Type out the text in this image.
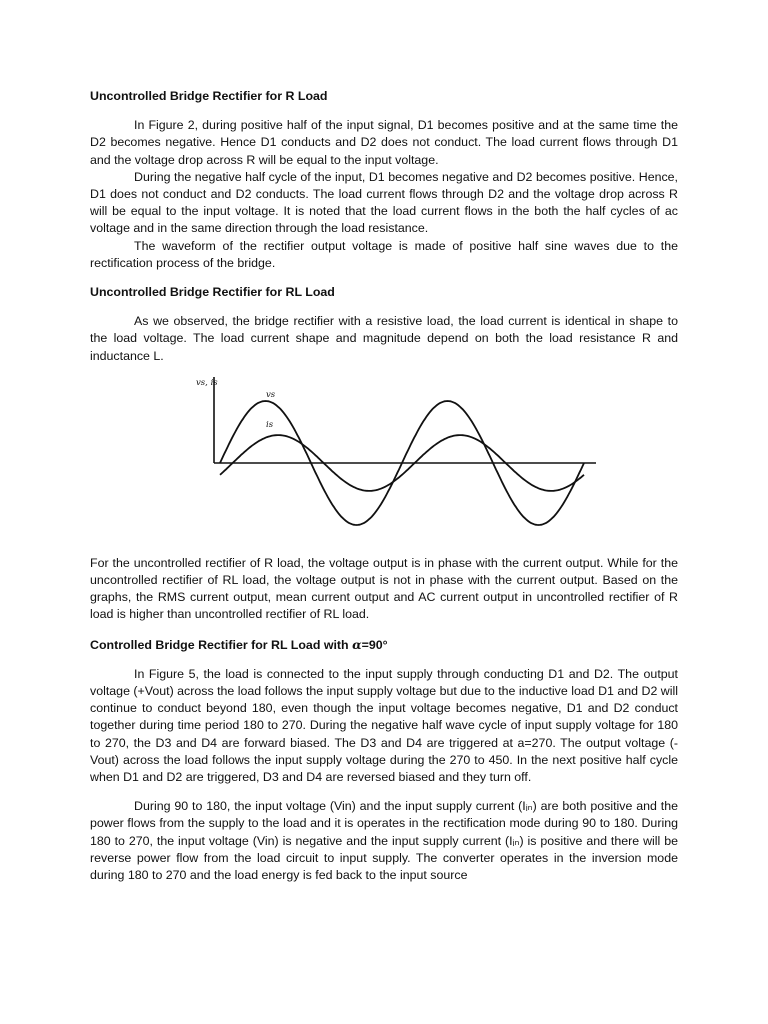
Uncontrolled Bridge Rectifier for R Load

In Figure 2, during positive half of the input signal, D1 becomes positive and at the same time the D2 becomes negative. Hence D1 conducts and D2 does not conduct. The load current flows through D1 and the voltage drop across R will be equal to the input voltage.

During the negative half cycle of the input, D1 becomes negative and D2 becomes positive. Hence, D1 does not conduct and D2 conducts. The load current flows through D2 and the voltage drop across R will be equal to the input voltage. It is noted that the load current flows in the both the half cycles of ac voltage and in the same direction through the load resistance.

The waveform of the rectifier output voltage is made of positive half sine waves due to the rectification process of the bridge.

Uncontrolled Bridge Rectifier for RL Load

As we observed, the bridge rectifier with a resistive load, the load current is identical in shape to the load voltage. The load current shape and magnitude depend on both the load resistance R and inductance L.

vs, is
vs
is

For the uncontrolled rectifier of R load, the voltage output is in phase with the current output. While for the uncontrolled rectifier of RL load, the voltage output is not in phase with the current output. Based on the graphs, the RMS current output, mean current output and AC current output in uncontrolled rectifier of R load is higher than uncontrolled rectifier of RL load.

Controlled Bridge Rectifier for RL Load with α=90°

In Figure 5, the load is connected to the input supply through conducting D1 and D2. The output voltage (+Vout) across the load follows the input supply voltage but due to the inductive load D1 and D2 will continue to conduct beyond 180, even though the input voltage becomes negative, D1 and D2 conduct together during time period 180 to 270. During the negative half wave cycle of input supply voltage for 180 to 270, the D3 and D4 are forward biased. The D3 and D4 are triggered at a=270. The output voltage (-Vout) across the load follows the input supply voltage during the 270 to 450. In the next positive half cycle when D1 and D2 are triggered, D3 and D4 are reversed biased and they turn off.

During 90 to 180, the input voltage (Vin) and the input supply current (Iᵢₙ) are both positive and the power flows from the supply to the load and it is operates in the rectification mode during 90 to 180. During 180 to 270, the input voltage (Vin) is negative and the input supply current (Iᵢₙ) is positive and there will be reverse power flow from the load circuit to input supply. The converter operates in the inversion mode during 180 to 270 and the load energy is fed back to the input source
